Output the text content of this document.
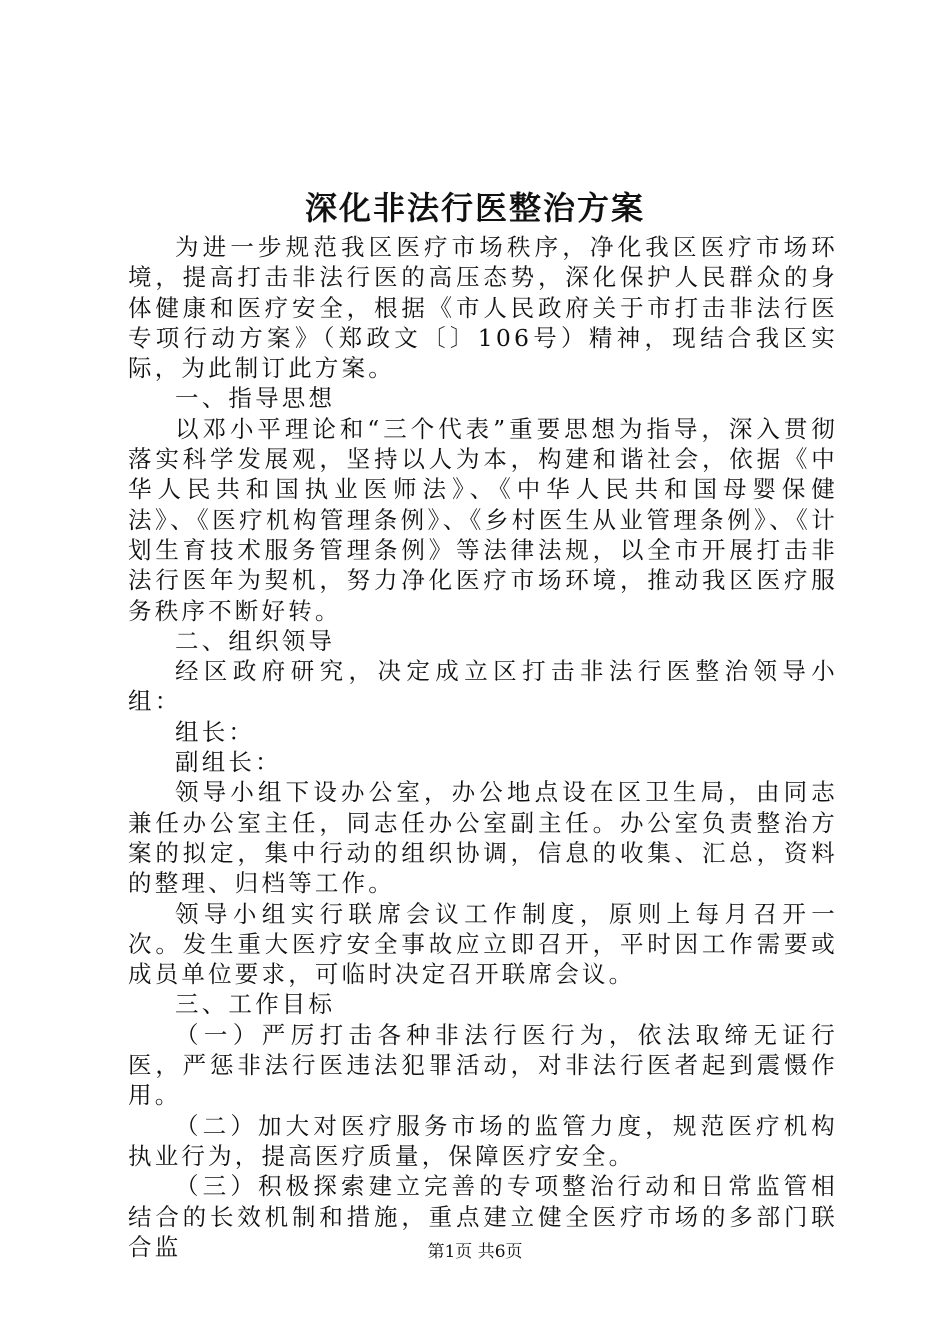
深化非法行医整治方案

为进一步规范我区医疗市场秩序，净化我区医疗市场环境，提高打击非法行医的高压态势，深化保护人民群众的身体健康和医疗安全，根据《市人民政府关于市打击非法行医专项行动方案》（郑政文〔〕106号）精神，现结合我区实际，为此制订此方案。

一、指导思想

以邓小平理论和“三个代表”重要思想为指导，深入贯彻落实科学发展观，坚持以人为本，构建和谐社会，依据《中华人民共和国执业医师法》、《中华人民共和国母婴保健法》、《医疗机构管理条例》、《乡村医生从业管理条例》、《计划生育技术服务管理条例》等法律法规，以全市开展打击非法行医年为契机，努力净化医疗市场环境，推动我区医疗服务秩序不断好转。

二、组织领导

经区政府研究，决定成立区打击非法行医整治领导小组：

组长：

副组长：

领导小组下设办公室，办公地点设在区卫生局，由同志兼任办公室主任，同志任办公室副主任。办公室负责整治方案的拟定，集中行动的组织协调，信息的收集、汇总，资料的整理、归档等工作。

领导小组实行联席会议工作制度，原则上每月召开一次。发生重大医疗安全事故应立即召开，平时因工作需要或成员单位要求，可临时决定召开联席会议。

三、工作目标

（一）严厉打击各种非法行医行为，依法取缔无证行医，严惩非法行医违法犯罪活动，对非法行医者起到震慑作用。

（二）加大对医疗服务市场的监管力度，规范医疗机构执业行为，提高医疗质量，保障医疗安全。

（三）积极探索建立完善的专项整治行动和日常监管相结合的长效机制和措施，重点建立健全医疗市场的多部门联合监	第1页 共6页
